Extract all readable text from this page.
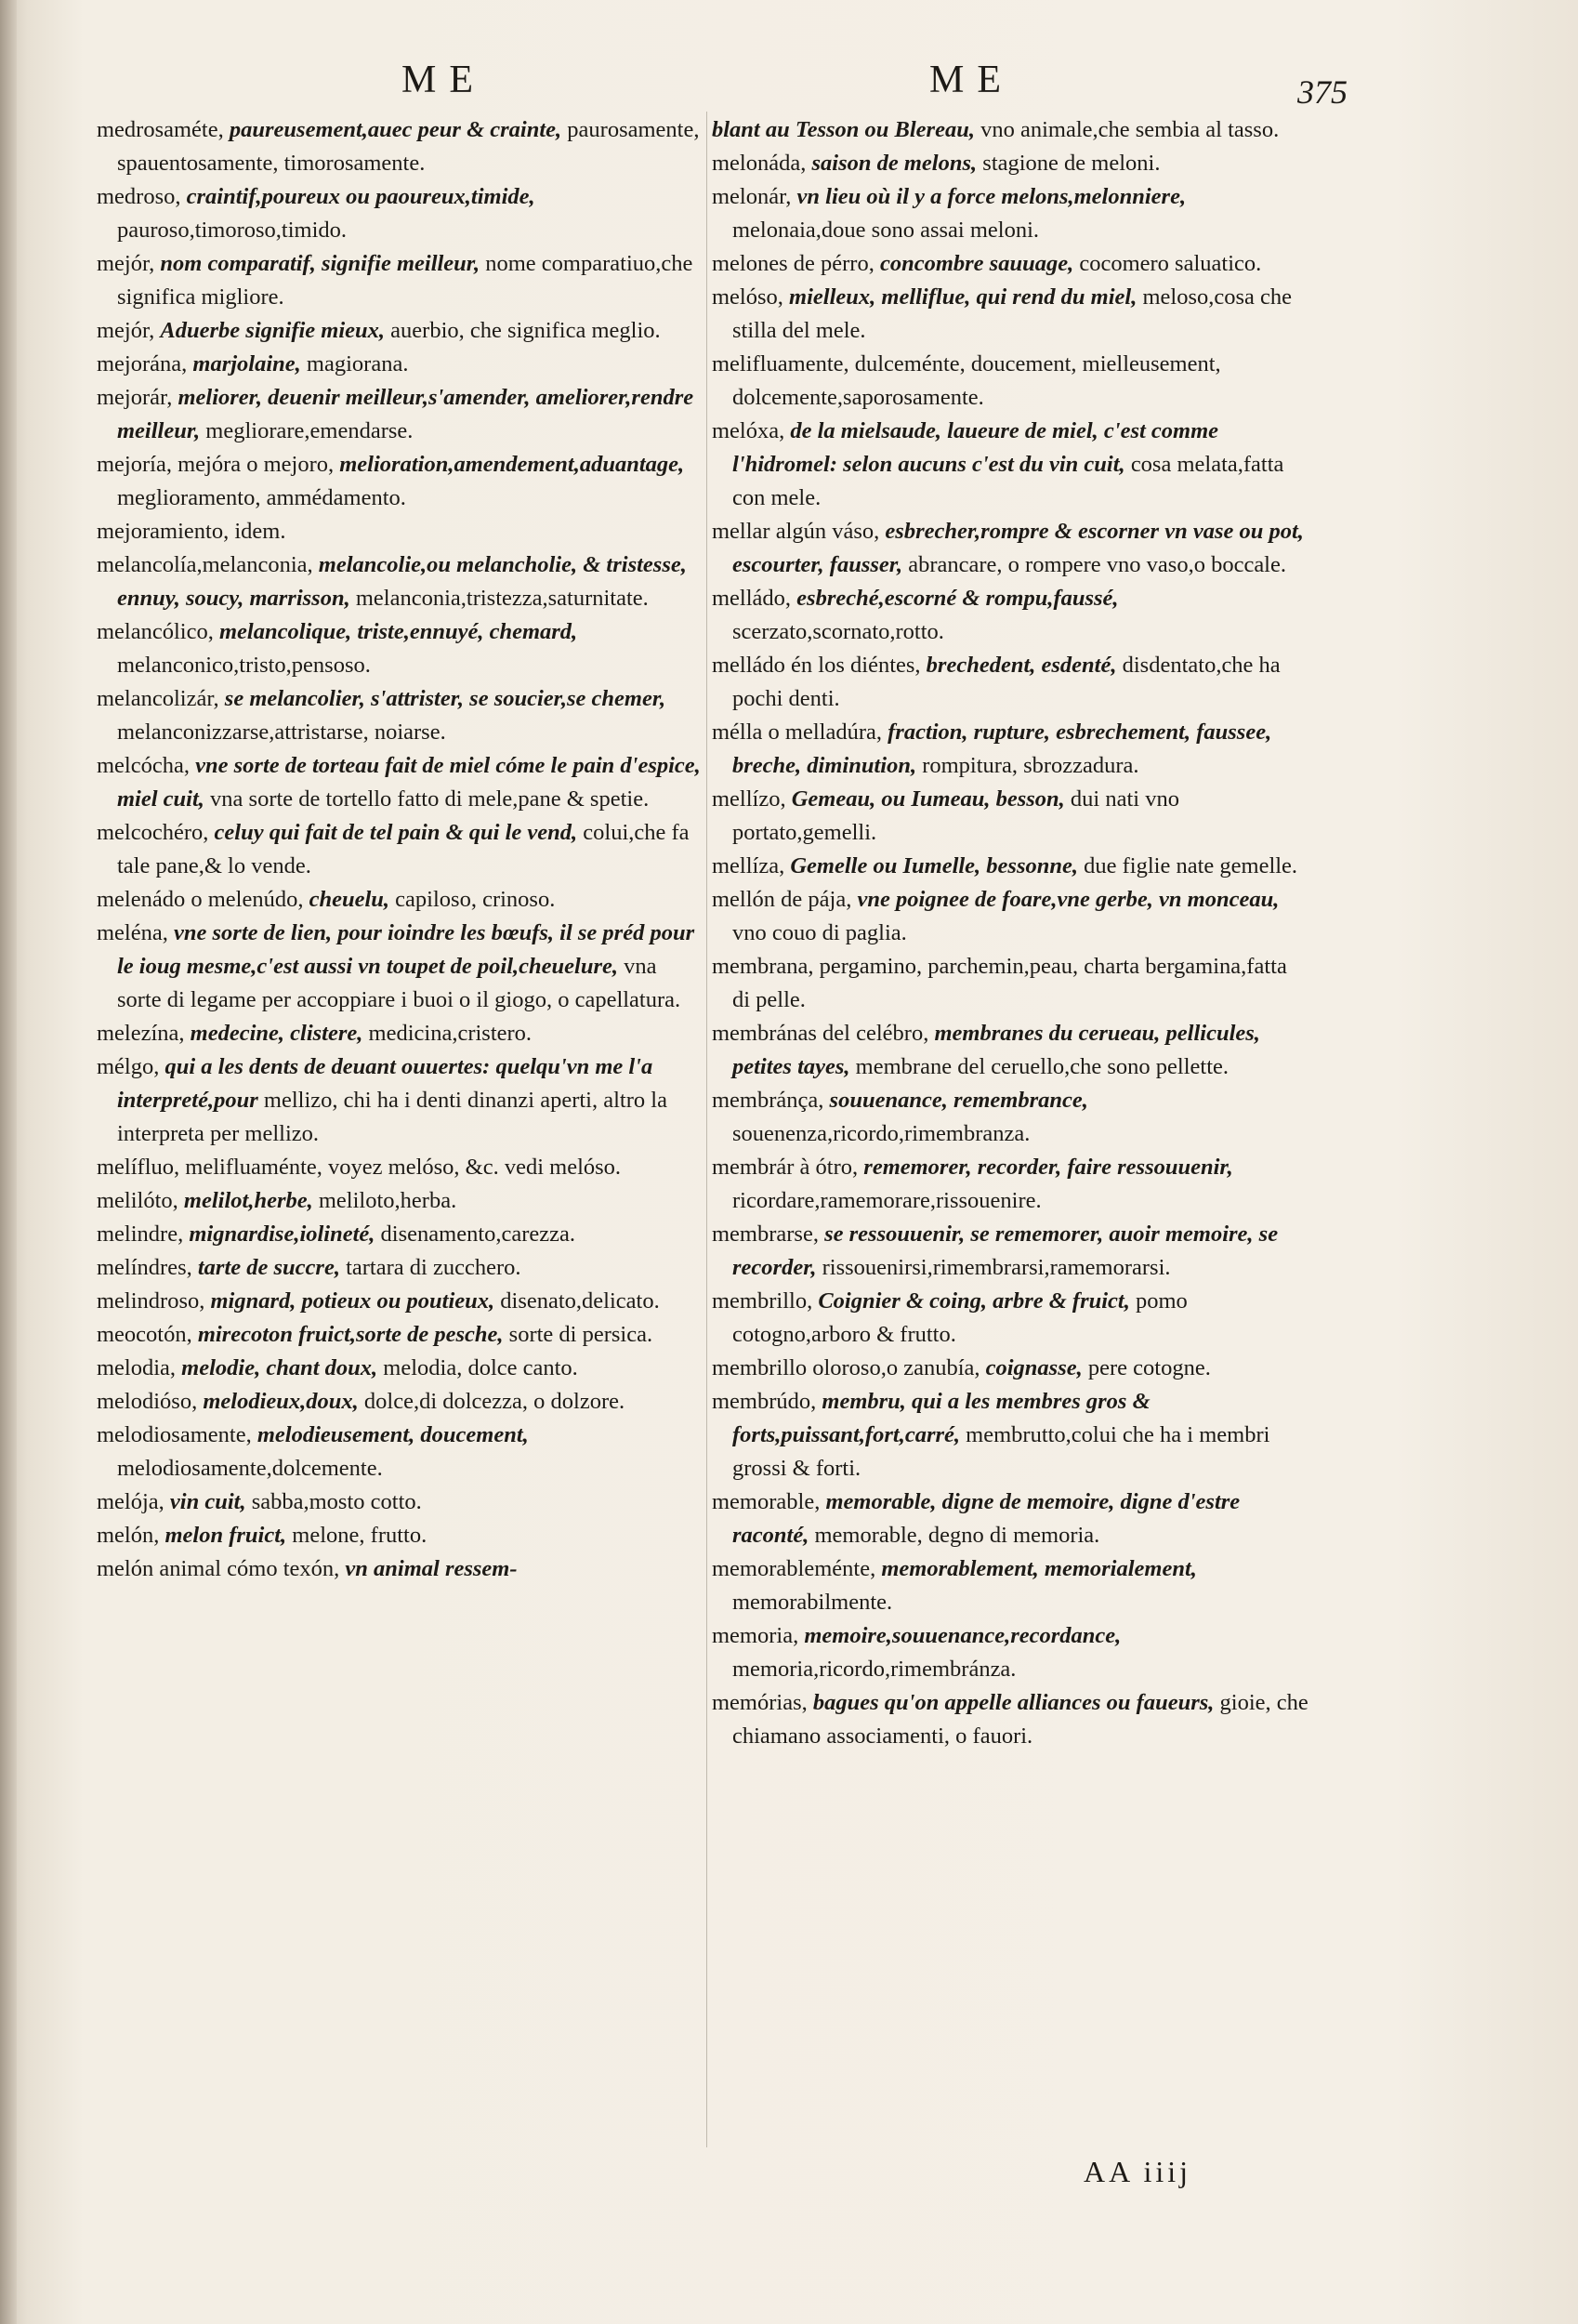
ME	ME	375

medrosaméte, paureusement,auec peur & crainte, paurosamente, spauentosamente, timorosamente.

medroso, craintif,poureux ou paoureux,timide, pauroso,timoroso,timido.

mejór, nom comparatif, signifie meilleur, nome comparatiuo,che significa migliore.

mejór, Aduerbe signifie mieux, auerbio, che significa meglio.

mejorána, marjolaine, magiorana.

mejorár, meliorer, deuenir meilleur,s'amender, ameliorer,rendre meilleur, megliorare,emendarse.

mejoría, mejóra o mejoro, melioration,amendement,aduantage, meglioramento, ammédamento.

mejoramiento, idem.

melancolía,melanconia, melancolie,ou melancholie, & tristesse, ennuy, soucy, marrisson, melanconia,tristezza,saturnitate.

melancólico, melancolique, triste,ennuyé, chemard, melanconico,tristo,pensoso.

melancolizár, se melancolier, s'attrister, se soucier,se chemer, melanconizzarse,attristarse, noiarse.

melcócha, vne sorte de torteau fait de miel cóme le pain d'espice, miel cuit, vna sorte de tortello fatto di mele,pane & spetie.

melcochéro, celuy qui fait de tel pain & qui le vend, colui,che fa tale pane,& lo vende.

melenádo o melenúdo, cheuelu, capiloso, crinoso.

meléna, vne sorte de lien, pour ioindre les bœufs, il se préd pour le ioug mesme,c'est aussi vn toupet de poil,cheuelure, vna sorte di legame per accoppiare i buoi o il giogo, o capellatura.

melezína, medecine, clistere, medicina,cristero.

mélgo, qui a les dents de deuant ouuertes: quelqu'vn me l'a interpreté,pour mellizo, chi ha i denti dinanzi aperti, altro la interpreta per mellizo.

melífluo, melifluaménte, voyez melóso, &c. vedi melóso.

melilóto, melilot,herbe, meliloto,herba.

melindre, mignardise,iolineté, disenamento,carezza.

melíndres, tarte de succre, tartara di zucchero.

melindroso, mignard, potieux ou poutieux, disenato,delicato.

meocotón, mirecoton fruict,sorte de pesche, sorte di persica.

melodia, melodie, chant doux, melodia, dolce canto.

melodióso, melodieux,doux, dolce,di dolcezza, o dolzore.

melodiosamente, melodieusement, doucement, melodiosamente,dolcemente.

melója, vin cuit, sabba,mosto cotto.

melón, melon fruict, melone, frutto.

melón animal cómo texón, vn animal ressem-

blant au Tesson ou Blereau, vno animale,che sembia al tasso.

melonáda, saison de melons, stagione de meloni.

melonár, vn lieu où il y a force melons,melonniere, melonaia,doue sono assai meloni.

melones de pérro, concombre sauuage, cocomero saluatico.

melóso, mielleux, melliflue, qui rend du miel, meloso,cosa che stilla del mele.

melifluamente, dulceménte, doucement, mielleusement, dolcemente,saporosamente.

melóxa, de la mielsaude, laueure de miel, c'est comme l'hidromel: selon aucuns c'est du vin cuit, cosa melata,fatta con mele.

mellar algún váso, esbrecher,rompre & escorner vn vase ou pot, escourter, fausser, abrancare, o rompere vno vaso,o boccale.

melládo, esbreché,escorné & rompu,faussé, scerzato,scornato,rotto.

melládo én los diéntes, brechedent, esdenté, disdentato,che ha pochi denti.

mélla o melladúra, fraction, rupture, esbrechement, faussee, breche, diminution, rompitura, sbrozzadura.

mellízo, Gemeau, ou Iumeau, besson, dui nati vno portato,gemelli.

mellíza, Gemelle ou Iumelle, bessonne, due figlie nate gemelle.

mellón de pája, vne poignee de foare,vne gerbe, vn monceau, vno couo di paglia.

membrana, pergamino, parchemin,peau, charta bergamina,fatta di pelle.

membránas del celébro, membranes du cerueau, pellicules, petites tayes, membrane del ceruello,che sono pellette.

membránça, souuenance, remembrance, souenenza,ricordo,rimembranza.

membrár à ótro, rememorer, recorder, faire ressouuenir, ricordare,ramemorare,rissouenire.

membrarse, se ressouuenir, se rememorer, auoir memoire, se recorder, rissouenirsi,rimembrarsi,ramemorarsi.

membrillo, Coignier & coing, arbre & fruict, pomo cotogno,arboro & frutto.

membrillo oloroso,o zanubía, coignasse, pere cotogne.

membrúdo, membru, qui a les membres gros & forts,puissant,fort,carré, membrutto,colui che ha i membri grossi & forti.

memorable, memorable, digne de memoire, digne d'estre raconté, memorable, degno di memoria.

memorableménte, memorablement, memorialement, memorabilmente.

memoria, memoire,souuenance,recordance, memoria,ricordo,rimembránza.

memórias, bagues qu'on appelle alliances ou faueurs, gioie, che chiamano associamenti, o fauori.

AA iiij
